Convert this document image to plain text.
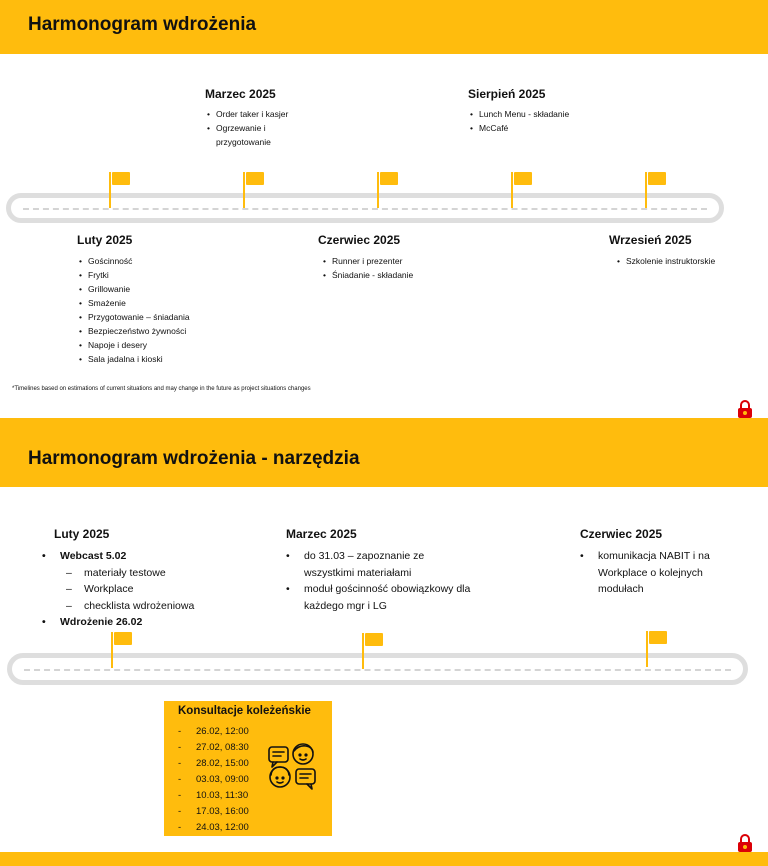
Harmonogram wdrożenia
Marzec 2025
• Order taker i kasjer
• Ogrzewanie i przygotowanie
Sierpień 2025
• Lunch Menu - składanie
• McCafé
Luty 2025
• Gościnność
• Frytki
• Grillowanie
• Smażenie
• Przygotowanie – śniadania
• Bezpieczeństwo żywności
• Napoje i desery
• Sala jadalna i kioski
Czerwiec 2025
• Runner i prezenter
• Śniadanie - składanie
Wrzesień 2025
• Szkolenie instruktorskie
*Timelines based on estimations of current situations and may change in the future as project situations changes
Harmonogram wdrożenia - narzędzia
Luty 2025
• Webcast 5.02
– materiały testowe
– Workplace
– checklista wdrożeniowa
• Wdrożenie 26.02
Marzec 2025
• do 31.03 – zapoznanie ze wszystkimi materiałami
• moduł gościnność obowiązkowy dla każdego mgr i LG
Czerwiec 2025
• komunikacja NABIT i na Workplace o kolejnych modułach
Konsultacje koleżeńskie
- 26.02, 12:00
- 27.02, 08:30
- 28.02, 15:00
- 03.03, 09:00
- 10.03, 11:30
- 17.03, 16:00
- 24.03, 12:00
